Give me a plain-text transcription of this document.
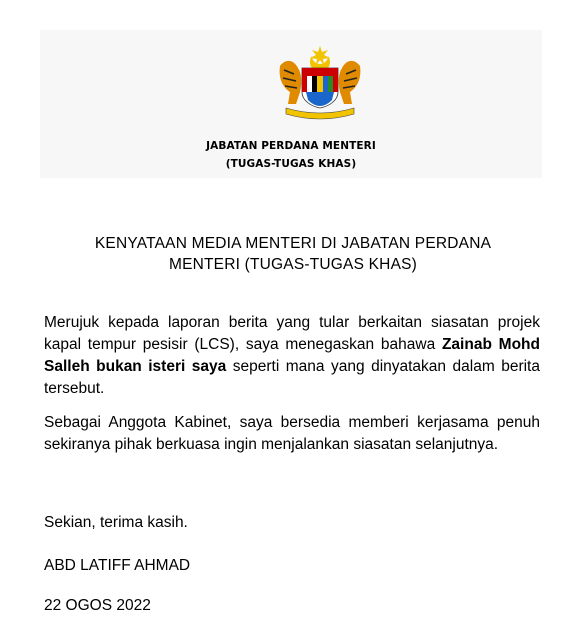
JABATAN PERDANA MENTERI
(TUGAS-TUGAS KHAS)
KENYATAAN MEDIA MENTERI DI JABATAN PERDANA
MENTERI (TUGAS-TUGAS KHAS)
Merujuk kepada laporan berita yang tular berkaitan siasatan projek kapal tempur pesisir (LCS), saya menegaskan bahawa Zainab Mohd Salleh bukan isteri saya seperti mana yang dinyatakan dalam berita tersebut.
Sebagai Anggota Kabinet, saya bersedia memberi kerjasama penuh sekiranya pihak berkuasa ingin menjalankan siasatan selanjutnya.
Sekian, terima kasih.
ABD LATIFF AHMAD
22 OGOS 2022
